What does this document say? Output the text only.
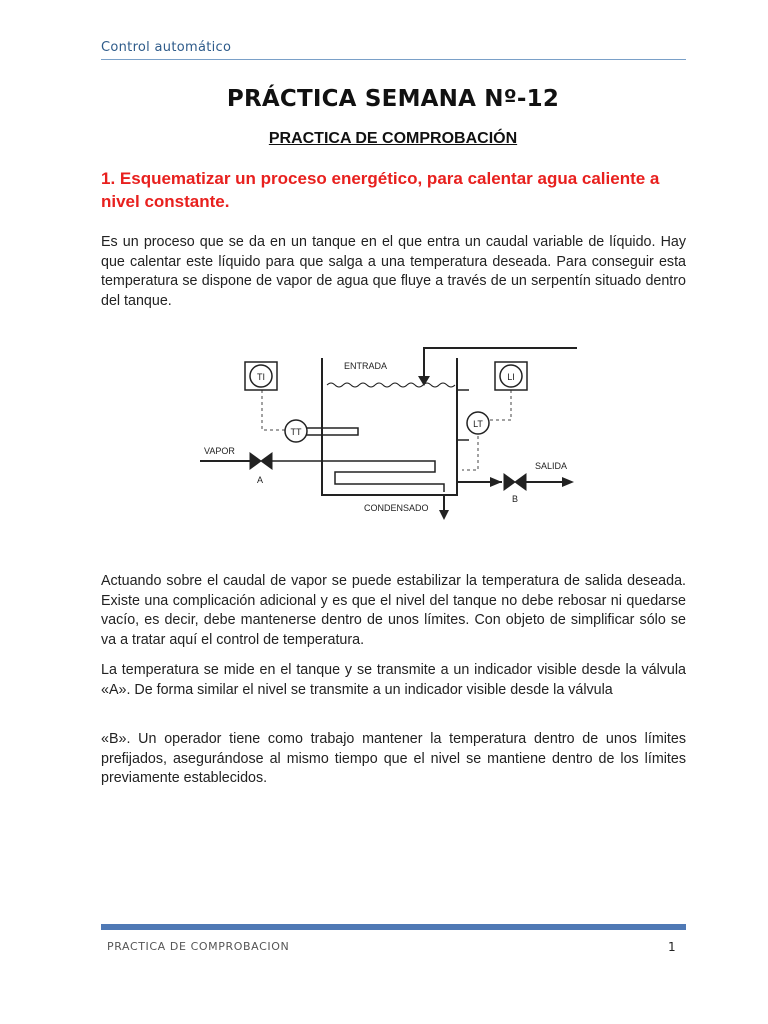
Control automático
PRÁCTICA SEMANA Nº-12
PRACTICA DE COMPROBACIÓN
1. Esquematizar un proceso energético, para calentar agua caliente a nivel constante.
Es un proceso que se da en un tanque en el que entra un caudal variable de líquido. Hay que calentar este líquido para que salga a una temperatura deseada. Para conseguir esta temperatura se dispone de vapor de agua que fluye a través de un serpentín situado dentro del tanque.
TI
TT
LI
LT
ENTRADA
VAPOR
A
SALIDA
B
CONDENSADO
Actuando sobre el caudal de vapor se puede estabilizar la temperatura de salida deseada. Existe una complicación adicional y es que el nivel del tanque no debe rebosar ni quedarse vacío, es decir, debe mantenerse dentro de unos límites. Con objeto de simplificar sólo se va a tratar aquí el control de temperatura.
La temperatura se mide en el tanque y se transmite a un indicador visible desde la válvula «A». De forma similar el nivel se transmite a un indicador visible desde la válvula
«B». Un operador tiene como trabajo mantener la temperatura dentro de unos límites prefijados, asegurándose al mismo tiempo que el nivel se mantiene dentro de los límites previamente establecidos.
PRACTICA DE COMPROBACION	1
